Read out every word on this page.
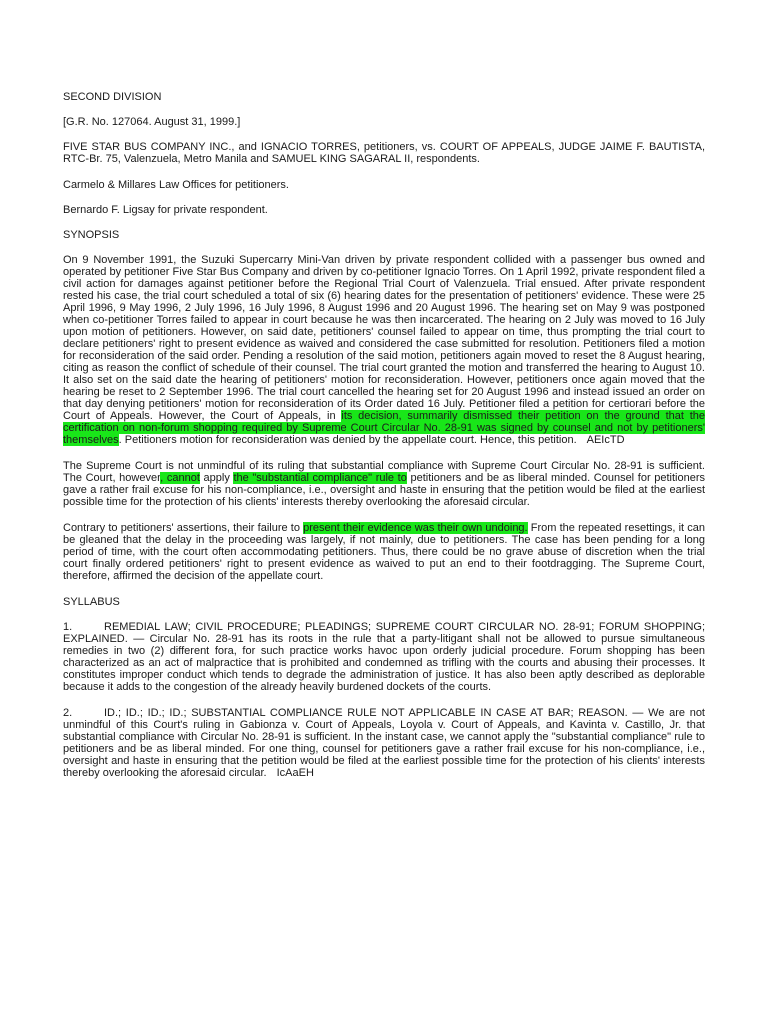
SECOND DIVISION

[G.R. No. 127064. August 31, 1999.]

FIVE STAR BUS COMPANY INC., and IGNACIO TORRES, petitioners, vs. COURT OF APPEALS, JUDGE JAIME F. BAUTISTA, RTC-Br. 75, Valenzuela, Metro Manila and SAMUEL KING SAGARAL II, respondents.

Carmelo & Millares Law Offices for petitioners.

Bernardo F. Ligsay for private respondent.

SYNOPSIS

On 9 November 1991, the Suzuki Supercarry Mini-Van driven by private respondent collided with a passenger bus owned and operated by petitioner Five Star Bus Company and driven by co-petitioner Ignacio Torres. On 1 April 1992, private respondent filed a civil action for damages against petitioner before the Regional Trial Court of Valenzuela. Trial ensued. After private respondent rested his case, the trial court scheduled a total of six (6) hearing dates for the presentation of petitioners' evidence. These were 25 April 1996, 9 May 1996, 2 July 1996, 16 July 1996, 8 August 1996 and 20 August 1996. The hearing set on May 9 was postponed when co-petitioner Torres failed to appear in court because he was then incarcerated. The hearing on 2 July was moved to 16 July upon motion of petitioners. However, on said date, petitioners' counsel failed to appear on time, thus prompting the trial court to declare petitioners' right to present evidence as waived and considered the case submitted for resolution. Petitioners filed a motion for reconsideration of the said order. Pending a resolution of the said motion, petitioners again moved to reset the 8 August hearing, citing as reason the conflict of schedule of their counsel. The trial court granted the motion and transferred the hearing to August 10. It also set on the said date the hearing of petitioners' motion for reconsideration. However, petitioners once again moved that the hearing be reset to 2 September 1996. The trial court cancelled the hearing set for 20 August 1996 and instead issued an order on that day denying petitioners' motion for reconsideration of its Order dated 16 July. Petitioner filed a petition for certiorari before the Court of Appeals. However, the Court of Appeals, in its decision, summarily dismissed their petition on the ground that the certification on non-forum shopping required by Supreme Court Circular No. 28-91 was signed by counsel and not by petitioners' themselves. Petitioners motion for reconsideration was denied by the appellate court. Hence, this petition. AEIcTD

The Supreme Court is not unmindful of its ruling that substantial compliance with Supreme Court Circular No. 28-91 is sufficient. The Court, however, cannot apply the "substantial compliance" rule to petitioners and be as liberal minded. Counsel for petitioners gave a rather frail excuse for his non-compliance, i.e., oversight and haste in ensuring that the petition would be filed at the earliest possible time for the protection of his clients' interests thereby overlooking the aforesaid circular.

Contrary to petitioners' assertions, their failure to present their evidence was their own undoing. From the repeated resettings, it can be gleaned that the delay in the proceeding was largely, if not mainly, due to petitioners. The case has been pending for a long period of time, with the court often accommodating petitioners. Thus, there could be no grave abuse of discretion when the trial court finally ordered petitioners' right to present evidence as waived to put an end to their footdragging. The Supreme Court, therefore, affirmed the decision of the appellate court.

SYLLABUS

1.	REMEDIAL LAW; CIVIL PROCEDURE; PLEADINGS; SUPREME COURT CIRCULAR NO. 28-91; FORUM SHOPPING; EXPLAINED. — Circular No. 28-91 has its roots in the rule that a party-litigant shall not be allowed to pursue simultaneous remedies in two (2) different fora, for such practice works havoc upon orderly judicial procedure. Forum shopping has been characterized as an act of malpractice that is prohibited and condemned as trifling with the courts and abusing their processes. It constitutes improper conduct which tends to degrade the administration of justice. It has also been aptly described as deplorable because it adds to the congestion of the already heavily burdened dockets of the courts.

2.	ID.; ID.; ID.; ID.; SUBSTANTIAL COMPLIANCE RULE NOT APPLICABLE IN CASE AT BAR; REASON. — We are not unmindful of this Court's ruling in Gabionza v. Court of Appeals, Loyola v. Court of Appeals, and Kavinta v. Castillo, Jr. that substantial compliance with Circular No. 28-91 is sufficient. In the instant case, we cannot apply the "substantial compliance" rule to petitioners and be as liberal minded. For one thing, counsel for petitioners gave a rather frail excuse for his non-compliance, i.e., oversight and haste in ensuring that the petition would be filed at the earliest possible time for the protection of his clients' interests thereby overlooking the aforesaid circular. IcAaEH
